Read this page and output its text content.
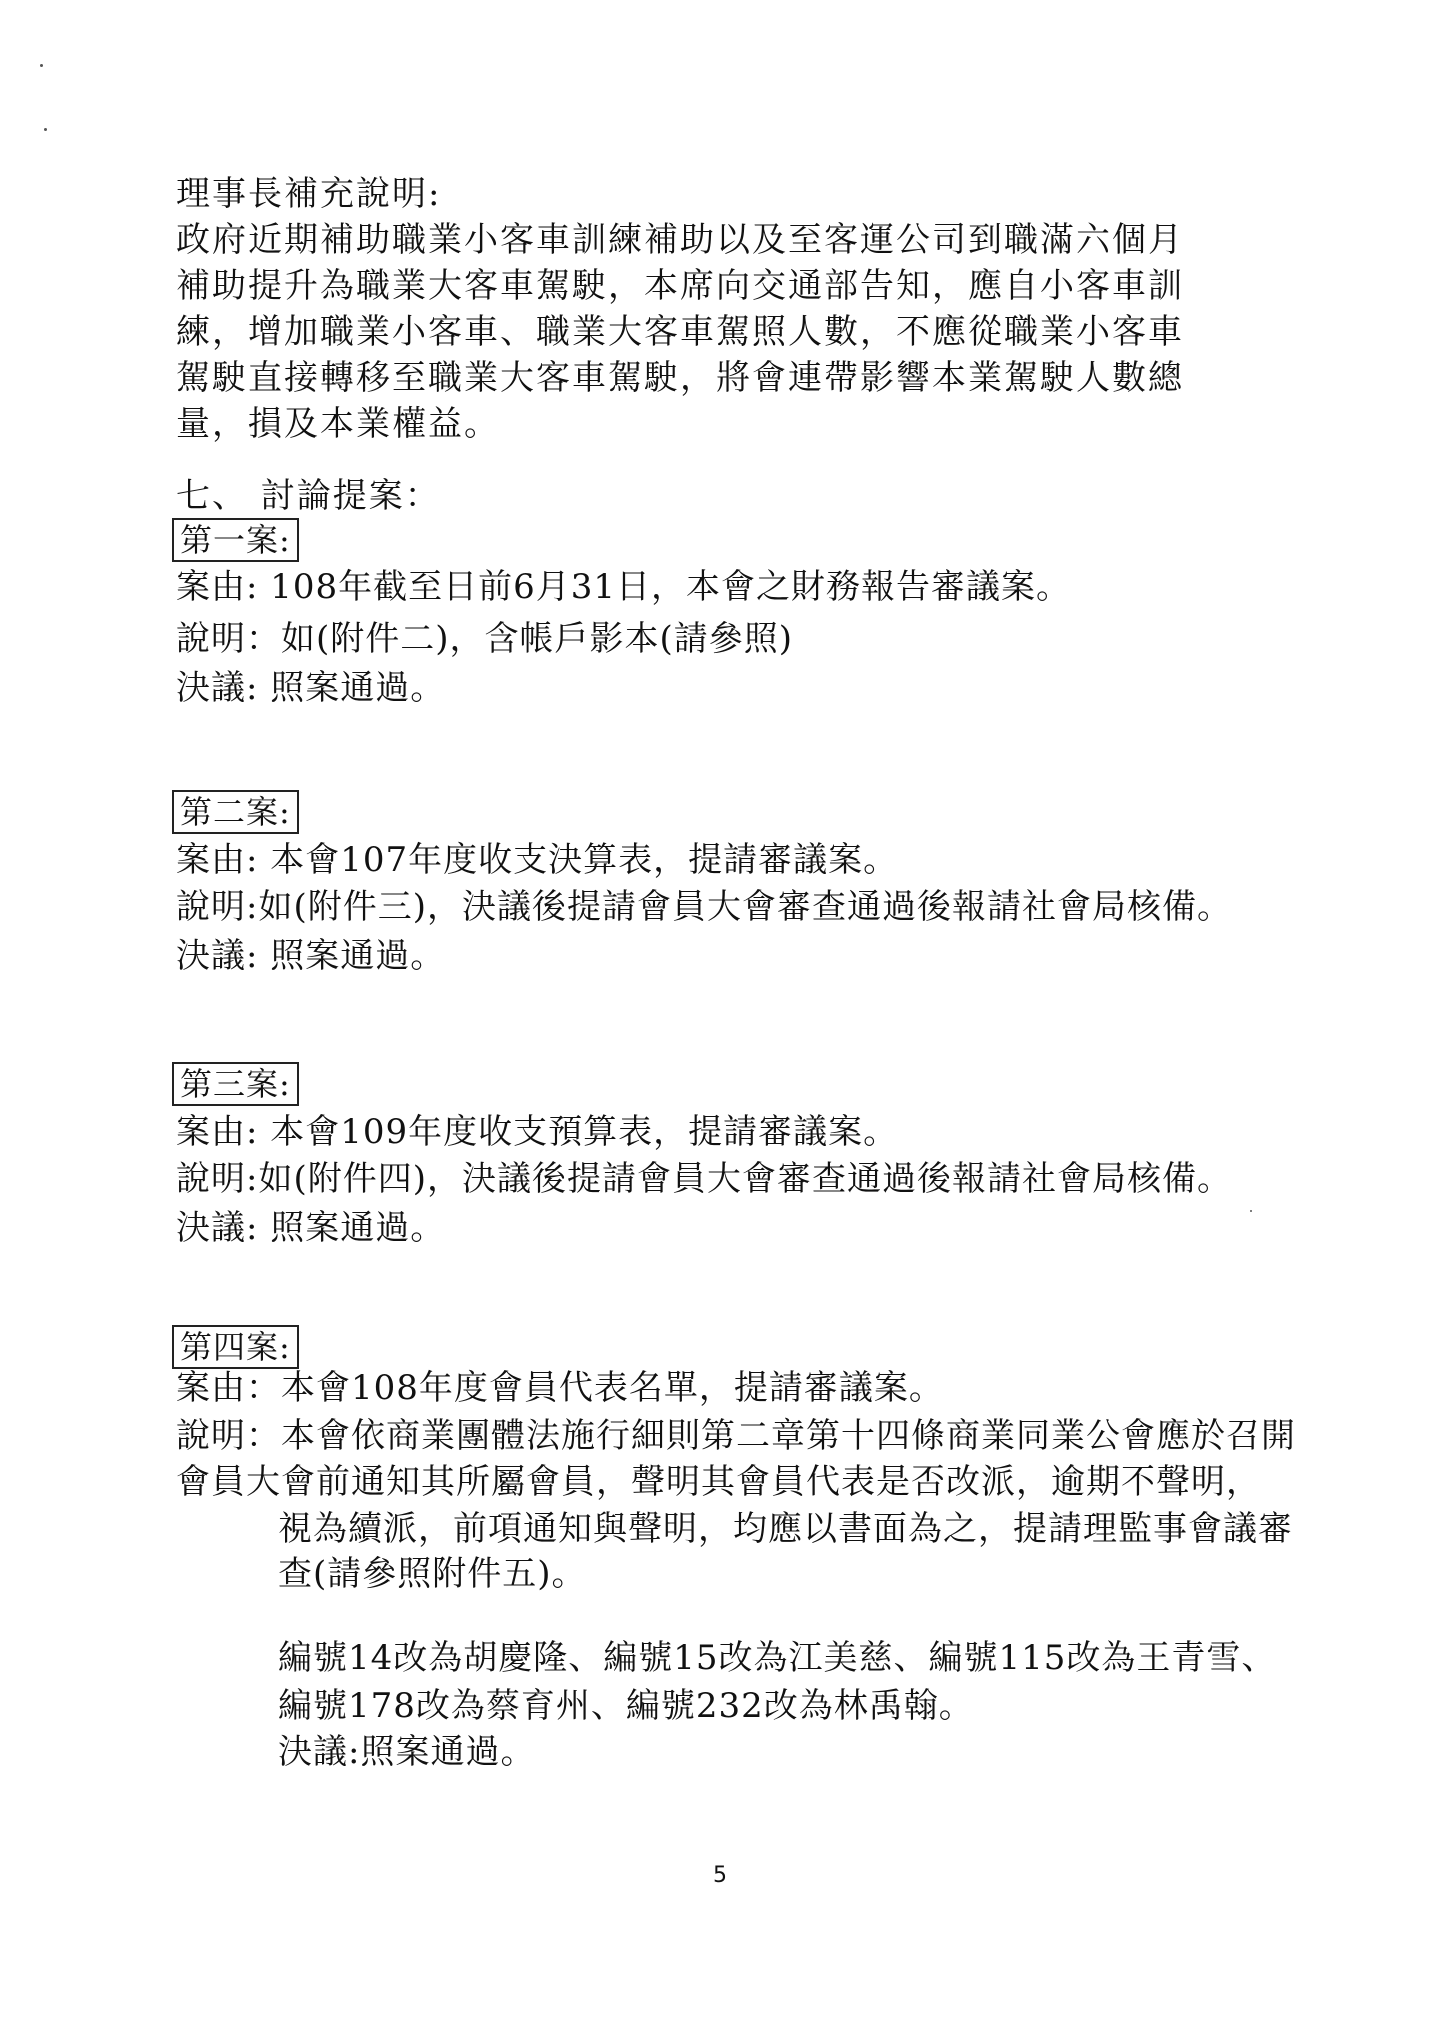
理事長補充說明:
政府近期補助職業小客車訓練補助以及至客運公司到職滿六個月
補助提升為職業大客車駕駛，本席向交通部告知，應自小客車訓
練，增加職業小客車、職業大客車駕照人數，不應從職業小客車
駕駛直接轉移至職業大客車駕駛，將會連帶影響本業駕駛人數總
量，損及本業權益。
七、 討論提案：
第一案:
案由: 108年截至日前6月31日，本會之財務報告審議案。
說明：如(附件二)，含帳戶影本(請參照)
決議: 照案通過。
第二案:
案由: 本會107年度收支決算表，提請審議案。
說明:如(附件三)，決議後提請會員大會審查通過後報請社會局核備。
決議: 照案通過。
第三案:
案由: 本會109年度收支預算表，提請審議案。
說明:如(附件四)，決議後提請會員大會審查通過後報請社會局核備。
決議: 照案通過。
第四案:
案由：本會108年度會員代表名單，提請審議案。
說明：本會依商業團體法施行細則第二章第十四條商業同業公會應於召開
會員大會前通知其所屬會員，聲明其會員代表是否改派，逾期不聲明，
視為續派，前項通知與聲明，均應以書面為之，提請理監事會議審
查(請參照附件五)。
編號14改為胡慶隆、編號15改為江美慈、編號115改為王青雪、
編號178改為蔡育州、編號232改為林禹翰。
決議:照案通過。
5
